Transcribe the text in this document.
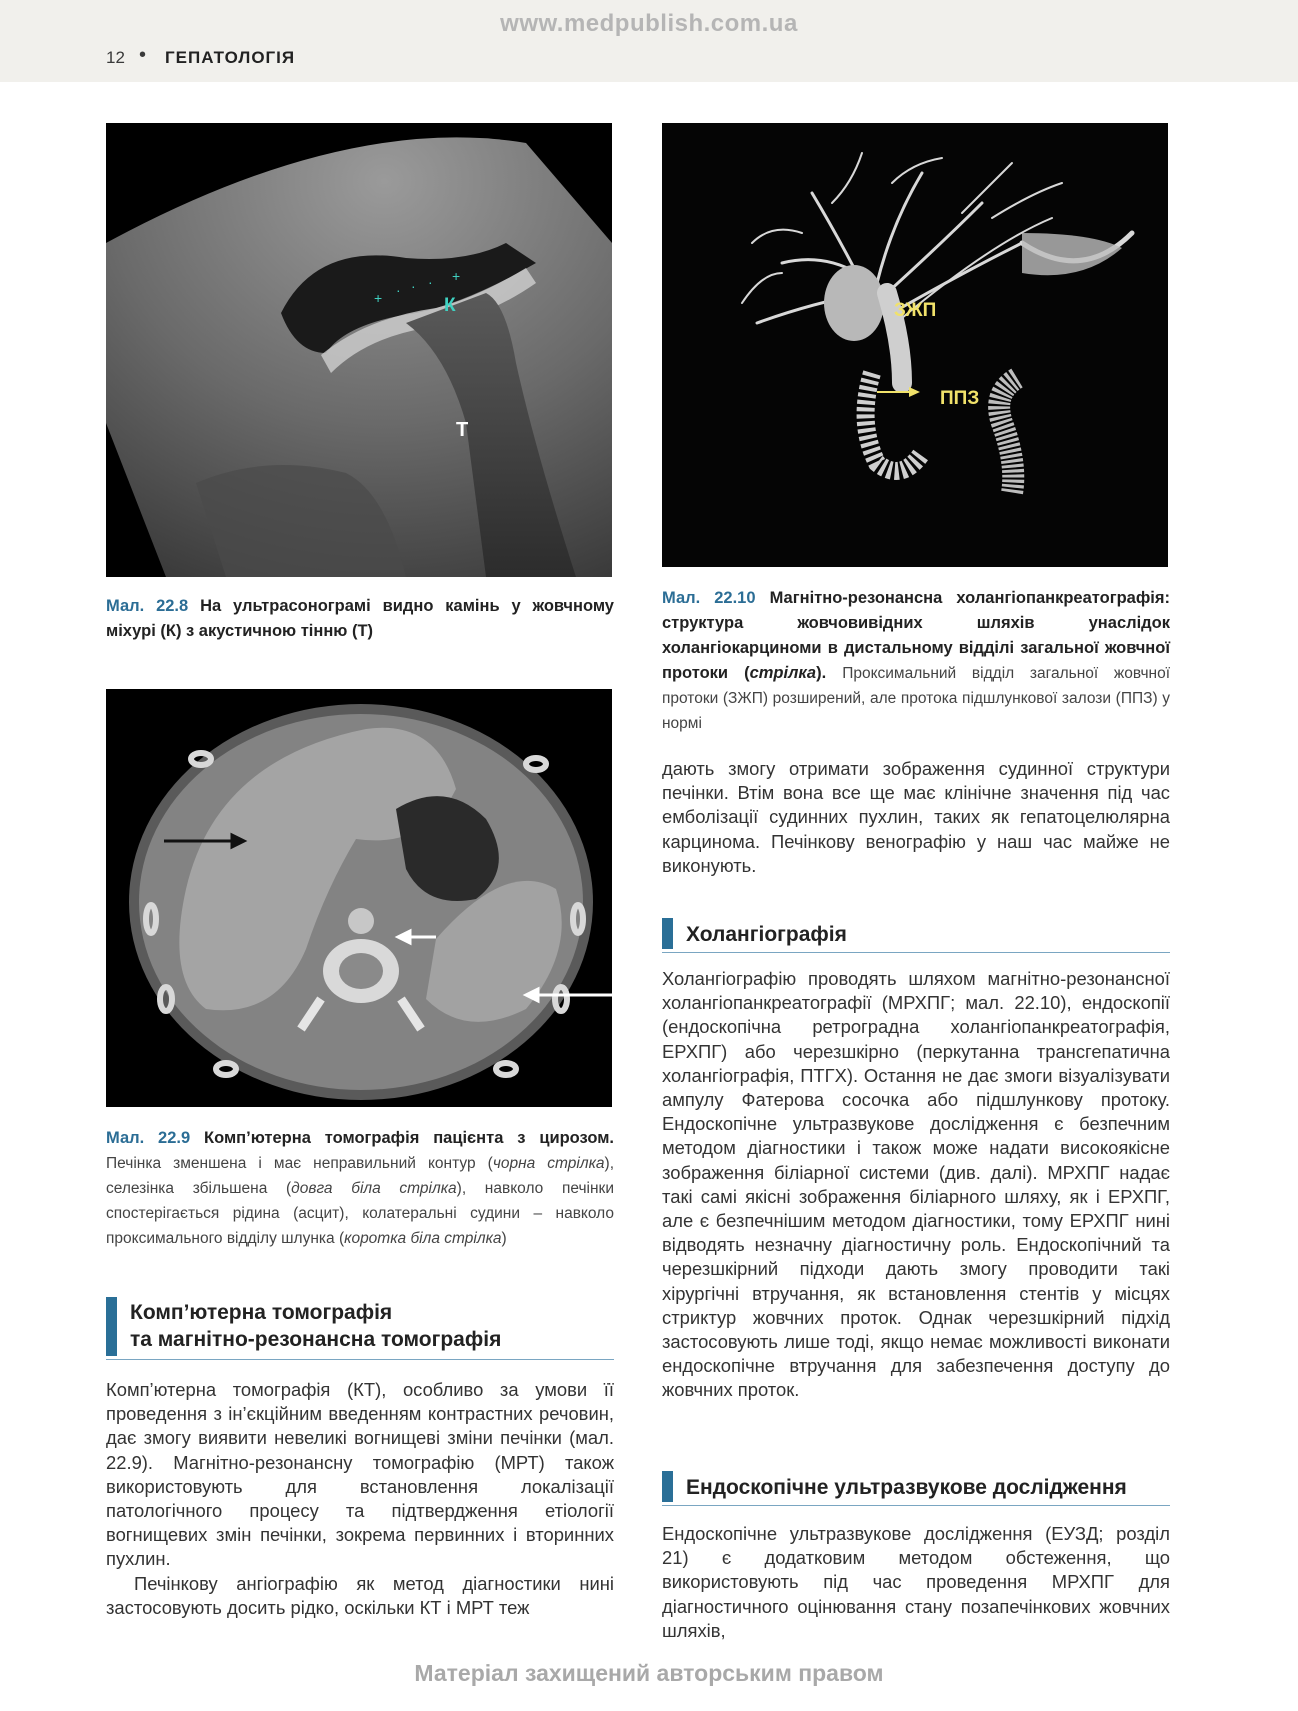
www.medpublish.com.ua
12 • ГЕПАТОЛОГІЯ
+ · · · +
К
Т
Мал. 22.8 На ультрасонограмі видно камінь у жовчному міхурі (К) з акустичною тінню (Т)
Мал. 22.9 Комп’ютерна томографія пацієнта з цирозом. Печінка зменшена і має неправильний контур (чорна стрілка), селезінка збільшена (довга біла стрілка), навколо печінки спостерігається рідина (асцит), колатеральні судини – навколо проксимального відділу шлунка (коротка біла стрілка)
Комп’ютерна томографія
та магнітно-резонансна томографія

Комп’ютерна томографія (КТ), особливо за умови її проведення з ін’єкційним введенням контрастних речовин, дає змогу виявити невеликі вогнищеві зміни печінки (мал. 22.9). Магнітно-резонансну томографію (МРТ) також використовують для встановлення локалізації патологічного процесу та підтвердження етіології вогнищевих змін печінки, зокрема первинних і вторинних пухлин.

Печінкову ангіографію як метод діагностики нині застосовують досить рідко, оскільки КТ і МРТ теж

ЗЖП
ППЗ
Мал. 22.10 Магнітно-резонансна холангіопанкреатографія: структура жовчовивідних шляхів унаслідок холангіокарциноми в дистальному відділі загальної жовчної протоки (стрілка). Проксимальний відділ загальної жовчної протоки (ЗЖП) розширений, але протока підшлункової залози (ППЗ) у нормі

дають змогу отримати зображення судинної структури печінки. Втім вона все ще має клінічне значення під час емболізації судинних пухлин, таких як гепатоцелюлярна карцинома. Печінкову венографію у наш час майже не виконують.

Холангіографія

Холангіографію проводять шляхом магнітно-резонансної холангіопанкреатографії (МРХПГ; мал. 22.10), ендоскопії (ендоскопічна ретроградна холангіопанкреатографія, ЕРХПГ) або черезшкірно (перкутанна трансгепатична холангіографія, ПТГХ). Остання не дає змоги візуалізувати ампулу Фатерова сосочка або підшлункову протоку. Ендоскопічне ультразвукове дослідження є безпечним методом діагностики і також може надати високоякісне зображення біліарної системи (див. далі). МРХПГ надає такі самі якісні зображення біліарного шляху, як і ЕРХПГ, але є безпечнішим методом діагностики, тому ЕРХПГ нині відводять незначну діагностичну роль. Ендоскопічний та черезшкірний підходи дають змогу проводити такі хірургічні втручання, як встановлення стентів у місцях стриктур жовчних проток. Однак черезшкірний підхід застосовують лише тоді, якщо немає можливості виконати ендоскопічне втручання для забезпечення доступу до жовчних проток.

Ендоскопічне ультразвукове дослідження

Ендоскопічне ультразвукове дослідження (ЕУЗД; розділ 21) є додатковим методом обстеження, що використовують під час проведення МРХПГ для діагностичного оцінювання стану позапечінкових жовчних шляхів,

Матеріал захищений авторським правом
